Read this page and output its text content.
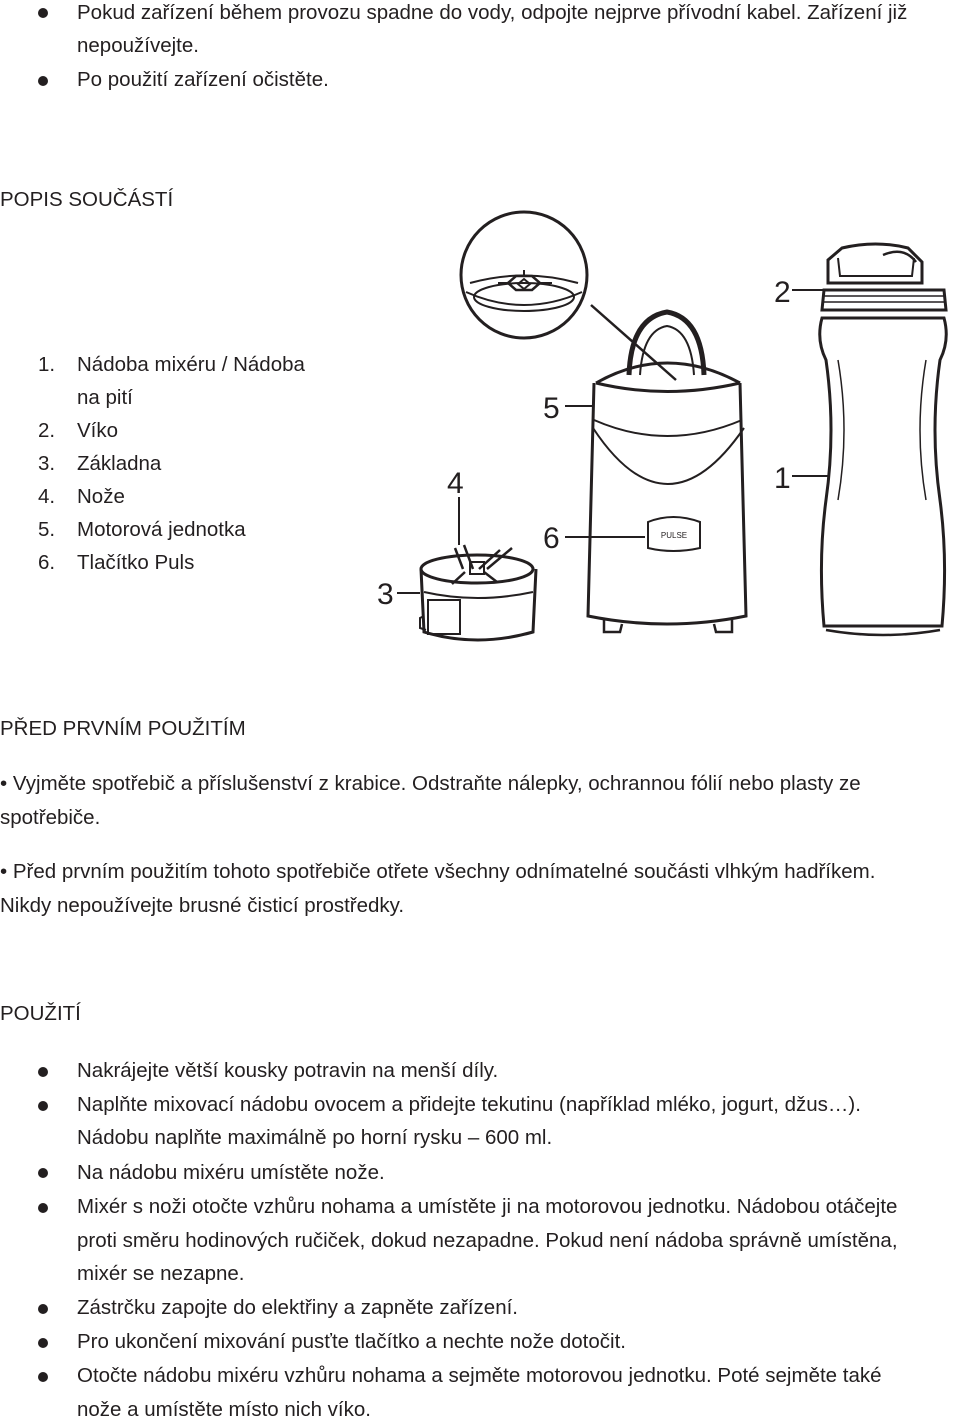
Pokud zařízení během provozu spadne do vody, odpojte nejprve přívodní kabel. Zařízení již
nepoužívejte.
Po použití zařízení očistěte.
POPIS SOUČÁSTÍ
1. Nádoba mixéru / Nádoba
na pití
2. Víko
3. Základna
4. Nože
5. Motorová jednotka
6. Tlačítko Puls
PULSE
1
2
3
4
5
6
PŘED PRVNÍM POUŽITÍM
• Vyjměte spotřebič a příslušenství z krabice. Odstraňte nálepky, ochrannou fólií nebo plasty ze
spotřebiče.
• Před prvním použitím tohoto spotřebiče otřete všechny odnímatelné součásti vlhkým hadříkem.
Nikdy nepoužívejte brusné čisticí prostředky.
POUŽITÍ
Nakrájejte větší kousky potravin na menší díly.
Naplňte mixovací nádobu ovocem a přidejte tekutinu (například mléko, jogurt, džus…).
Nádobu naplňte maximálně po horní rysku – 600 ml.
Na nádobu mixéru umístěte nože.
Mixér s noži otočte vzhůru nohama a umístěte ji na motorovou jednotku. Nádobou otáčejte
proti směru hodinových ručiček, dokud nezapadne. Pokud není nádoba správně umístěna,
mixér se nezapne.
Zástrčku zapojte do elektřiny a zapněte zařízení.
Pro ukončení mixování pusťte tlačítko a nechte nože dotočit.
Otočte nádobu mixéru vzhůru nohama a sejměte motorovou jednotku. Poté sejměte také
nože a umístěte místo nich víko.
